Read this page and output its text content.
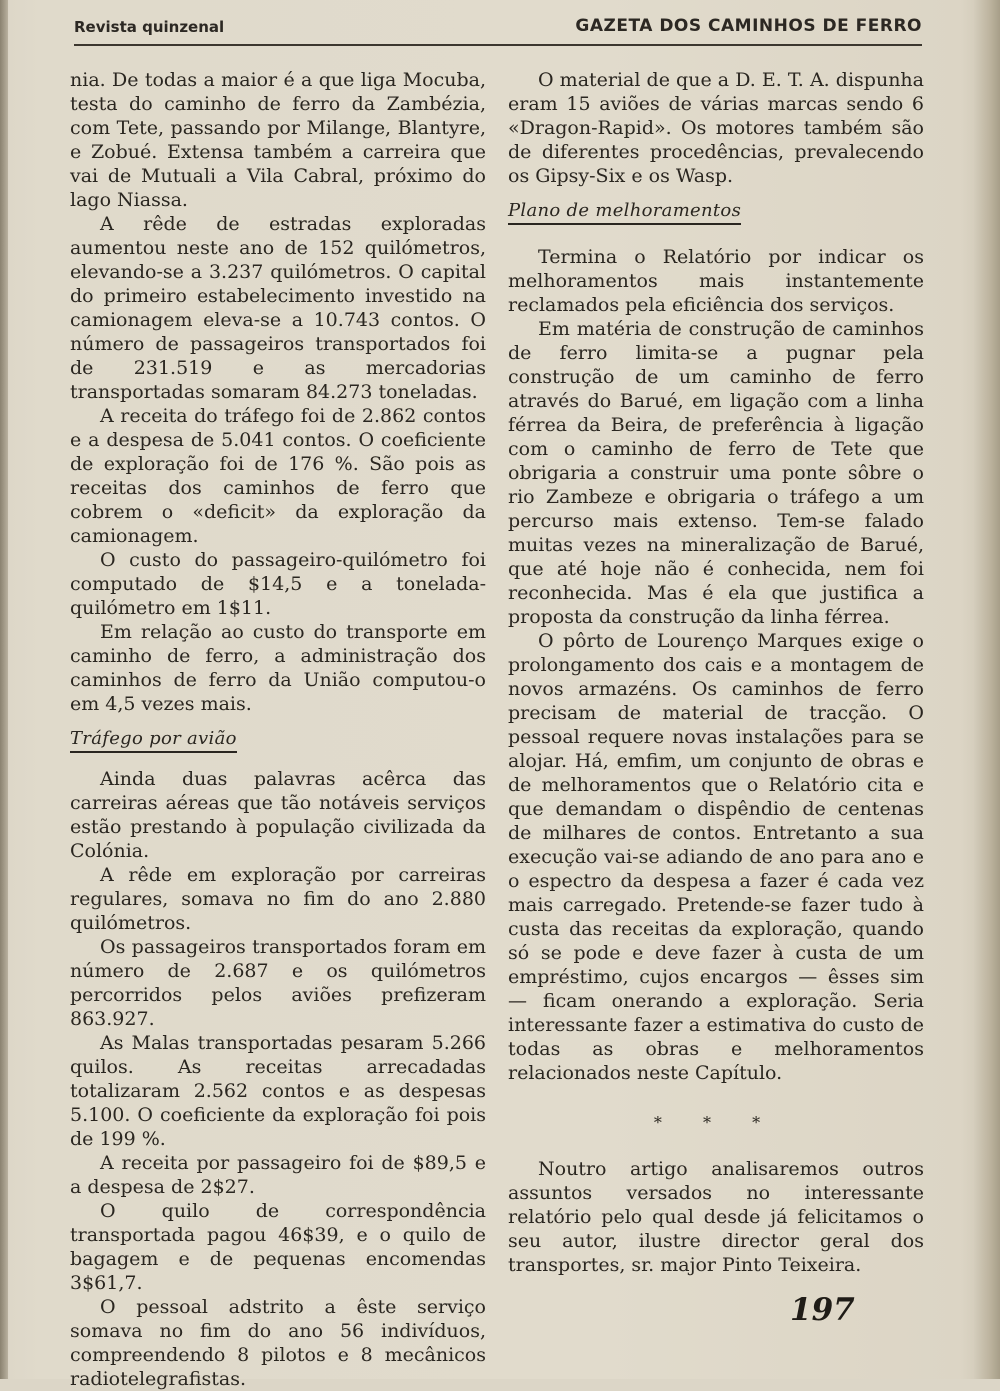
Revista quinzenal	GAZETA DOS CAMINHOS DE FERRO

nia. De todas a maior é a que liga Mocuba, testa do caminho de ferro da Zambézia, com Tete, passando por Milange, Blantyre, e Zobué. Extensa também a carreira que vai de Mutuali a Vila Cabral, próximo do lago Niassa.

A rêde de estradas exploradas aumentou neste ano de 152 quilómetros, elevando-se a 3.237 quilómetros. O capital do primeiro estabelecimento investido na camionagem eleva-se a 10.743 contos. O número de passageiros transportados foi de 231.519 e as mercadorias transportadas somaram 84.273 toneladas.

A receita do tráfego foi de 2.862 contos e a despesa de 5.041 contos. O coeficiente de exploração foi de 176 %. São pois as receitas dos caminhos de ferro que cobrem o «deficit» da exploração da camionagem.

O custo do passageiro-quilómetro foi computado de $14,5 e a tonelada-quilómetro em 1$11.

Em relação ao custo do transporte em caminho de ferro, a administração dos caminhos de ferro da União computou-o em 4,5 vezes mais.

Tráfego por avião

Ainda duas palavras acêrca das carreiras aéreas que tão notáveis serviços estão prestando à população civilizada da Colónia.

A rêde em exploração por carreiras regulares, somava no fim do ano 2.880 quilómetros.

Os passageiros transportados foram em número de 2.687 e os quilómetros percorridos pelos aviões prefizeram 863.927.

As Malas transportadas pesaram 5.266 quilos. As receitas arrecadadas totalizaram 2.562 contos e as despesas 5.100. O coeficiente da exploração foi pois de 199 %.

A receita por passageiro foi de $89,5 e a despesa de 2$27.

O quilo de correspondência transportada pagou 46$39, e o quilo de bagagem e de pequenas encomendas 3$61,7.

O pessoal adstrito a êste serviço somava no fim do ano 56 indivíduos, compreendendo 8 pilotos e 8 mecânicos radiotelegrafistas.

O material de que a D. E. T. A. dispunha eram 15 aviões de várias marcas sendo 6 «Dragon-Rapid». Os motores também são de diferentes procedências, prevalecendo os Gipsy-Six e os Wasp.

Plano de melhoramentos

Termina o Relatório por indicar os melhoramentos mais instantemente reclamados pela eficiência dos serviços.

Em matéria de construção de caminhos de ferro limita-se a pugnar pela construção de um caminho de ferro através do Barué, em ligação com a linha férrea da Beira, de preferência à ligação com o caminho de ferro de Tete que obrigaria a construir uma ponte sôbre o rio Zambeze e obrigaria o tráfego a um percurso mais extenso. Tem-se falado muitas vezes na mineralização de Barué, que até hoje não é conhecida, nem foi reconhecida. Mas é ela que justifica a proposta da construção da linha férrea.

O pôrto de Lourenço Marques exige o prolongamento dos cais e a montagem de novos armazéns. Os caminhos de ferro precisam de material de tracção. O pessoal requere novas instalações para se alojar. Há, emfim, um conjunto de obras e de melhoramentos que o Relatório cita e que demandam o dispêndio de centenas de milhares de contos. Entretanto a sua execução vai-se adiando de ano para ano e o espectro da despesa a fazer é cada vez mais carregado. Pretende-se fazer tudo à custa das receitas da exploração, quando só se pode e deve fazer à custa de um empréstimo, cujos encargos — êsses sim — ficam onerando a exploração. Seria interessante fazer a estimativa do custo de todas as obras e melhoramentos relacionados neste Capítulo.

* * *

Noutro artigo analisaremos outros assuntos versados no interessante relatório pelo qual desde já felicitamos o seu autor, ilustre director geral dos transportes, sr. major Pinto Teixeira.

197
